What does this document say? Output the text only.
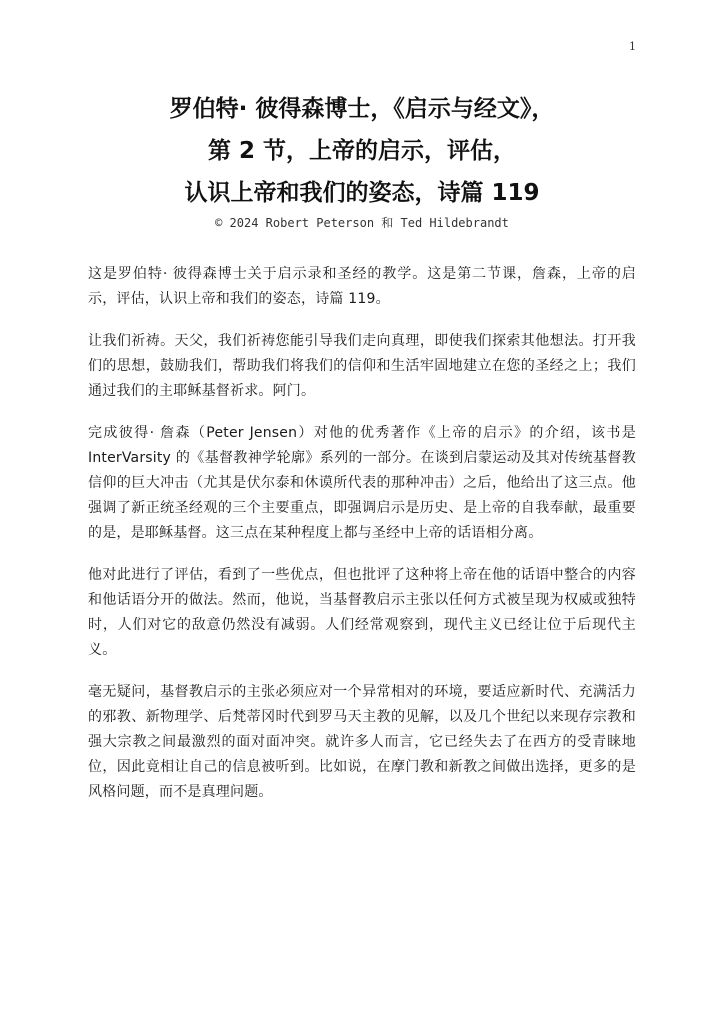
1
罗伯特· 彼得森博士，《启示与经文》，
第 2 节，上帝的启示，评估，
认识上帝和我们的姿态，诗篇 119
© 2024 Robert Peterson 和 Ted Hildebrandt

这是罗伯特· 彼得森博士关于启示录和圣经的教学。这是第二节课，詹森，上帝的启示，评估，认识上帝和我们的姿态，诗篇 119。

让我们祈祷。天父，我们祈祷您能引导我们走向真理，即使我们探索其他想法。打开我们的思想，鼓励我们，帮助我们将我们的信仰和生活牢固地建立在您的圣经之上；我们通过我们的主耶稣基督祈求。阿门。

完成彼得· 詹森（Peter Jensen）对他的优秀著作《上帝的启示》的介绍，该书是 InterVarsity 的《基督教神学轮廓》系列的一部分。在谈到启蒙运动及其对传统基督教信仰的巨大冲击（尤其是伏尔泰和休谟所代表的那种冲击）之后，他给出了这三点。他强调了新正统圣经观的三个主要重点，即强调启示是历史、是上帝的自我奉献，最重要的是，是耶稣基督。这三点在某种程度上都与圣经中上帝的话语相分离。

他对此进行了评估，看到了一些优点，但也批评了这种将上帝在他的话语中整合的内容和他话语分开的做法。然而，他说，当基督教启示主张以任何方式被呈现为权威或独特时，人们对它的敌意仍然没有减弱。人们经常观察到，现代主义已经让位于后现代主义。

毫无疑问，基督教启示的主张必须应对一个异常相对的环境，要适应新时代、充满活力的邪教、新物理学、后梵蒂冈时代到罗马天主教的见解，以及几个世纪以来现存宗教和强大宗教之间最激烈的面对面冲突。就许多人而言，它已经失去了在西方的受青睐地位，因此竟相让自己的信息被听到。比如说，在摩门教和新教之间做出选择，更多的是风格问题，而不是真理问题。
